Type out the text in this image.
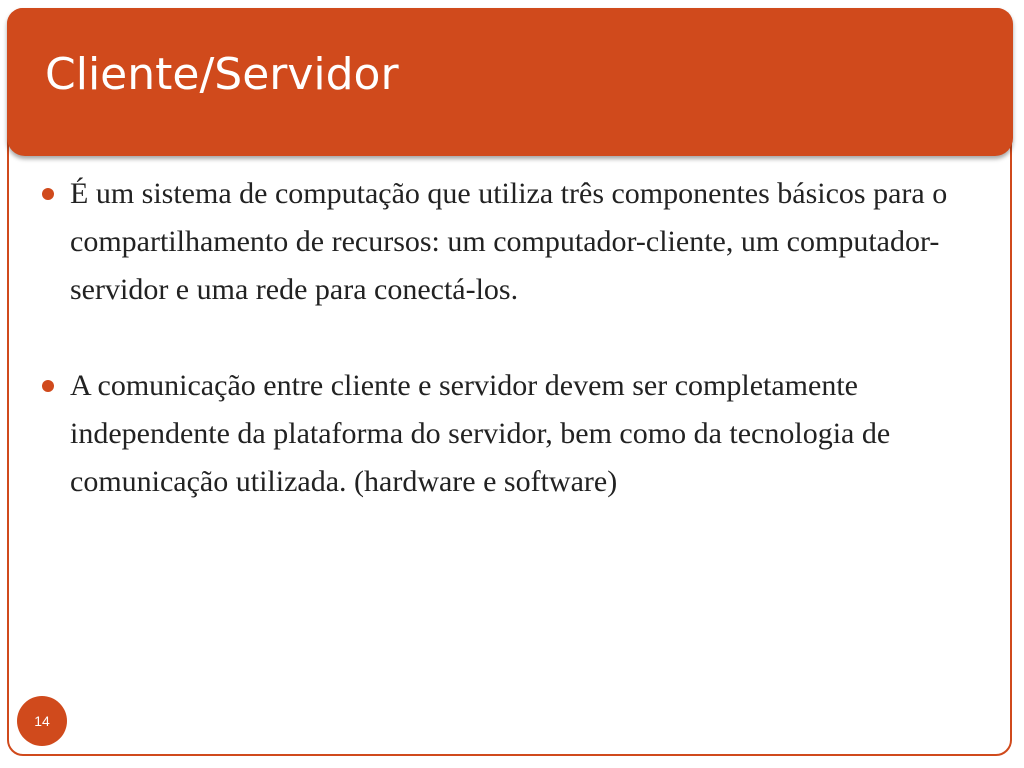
Cliente/Servidor
É um sistema de computação que utiliza três componentes básicos para o compartilhamento de recursos: um computador-cliente, um computador-servidor e uma rede para conectá-los.
A comunicação entre cliente e servidor devem ser completamente independente da plataforma do servidor, bem como da tecnologia de comunicação utilizada. (hardware e software)
14
